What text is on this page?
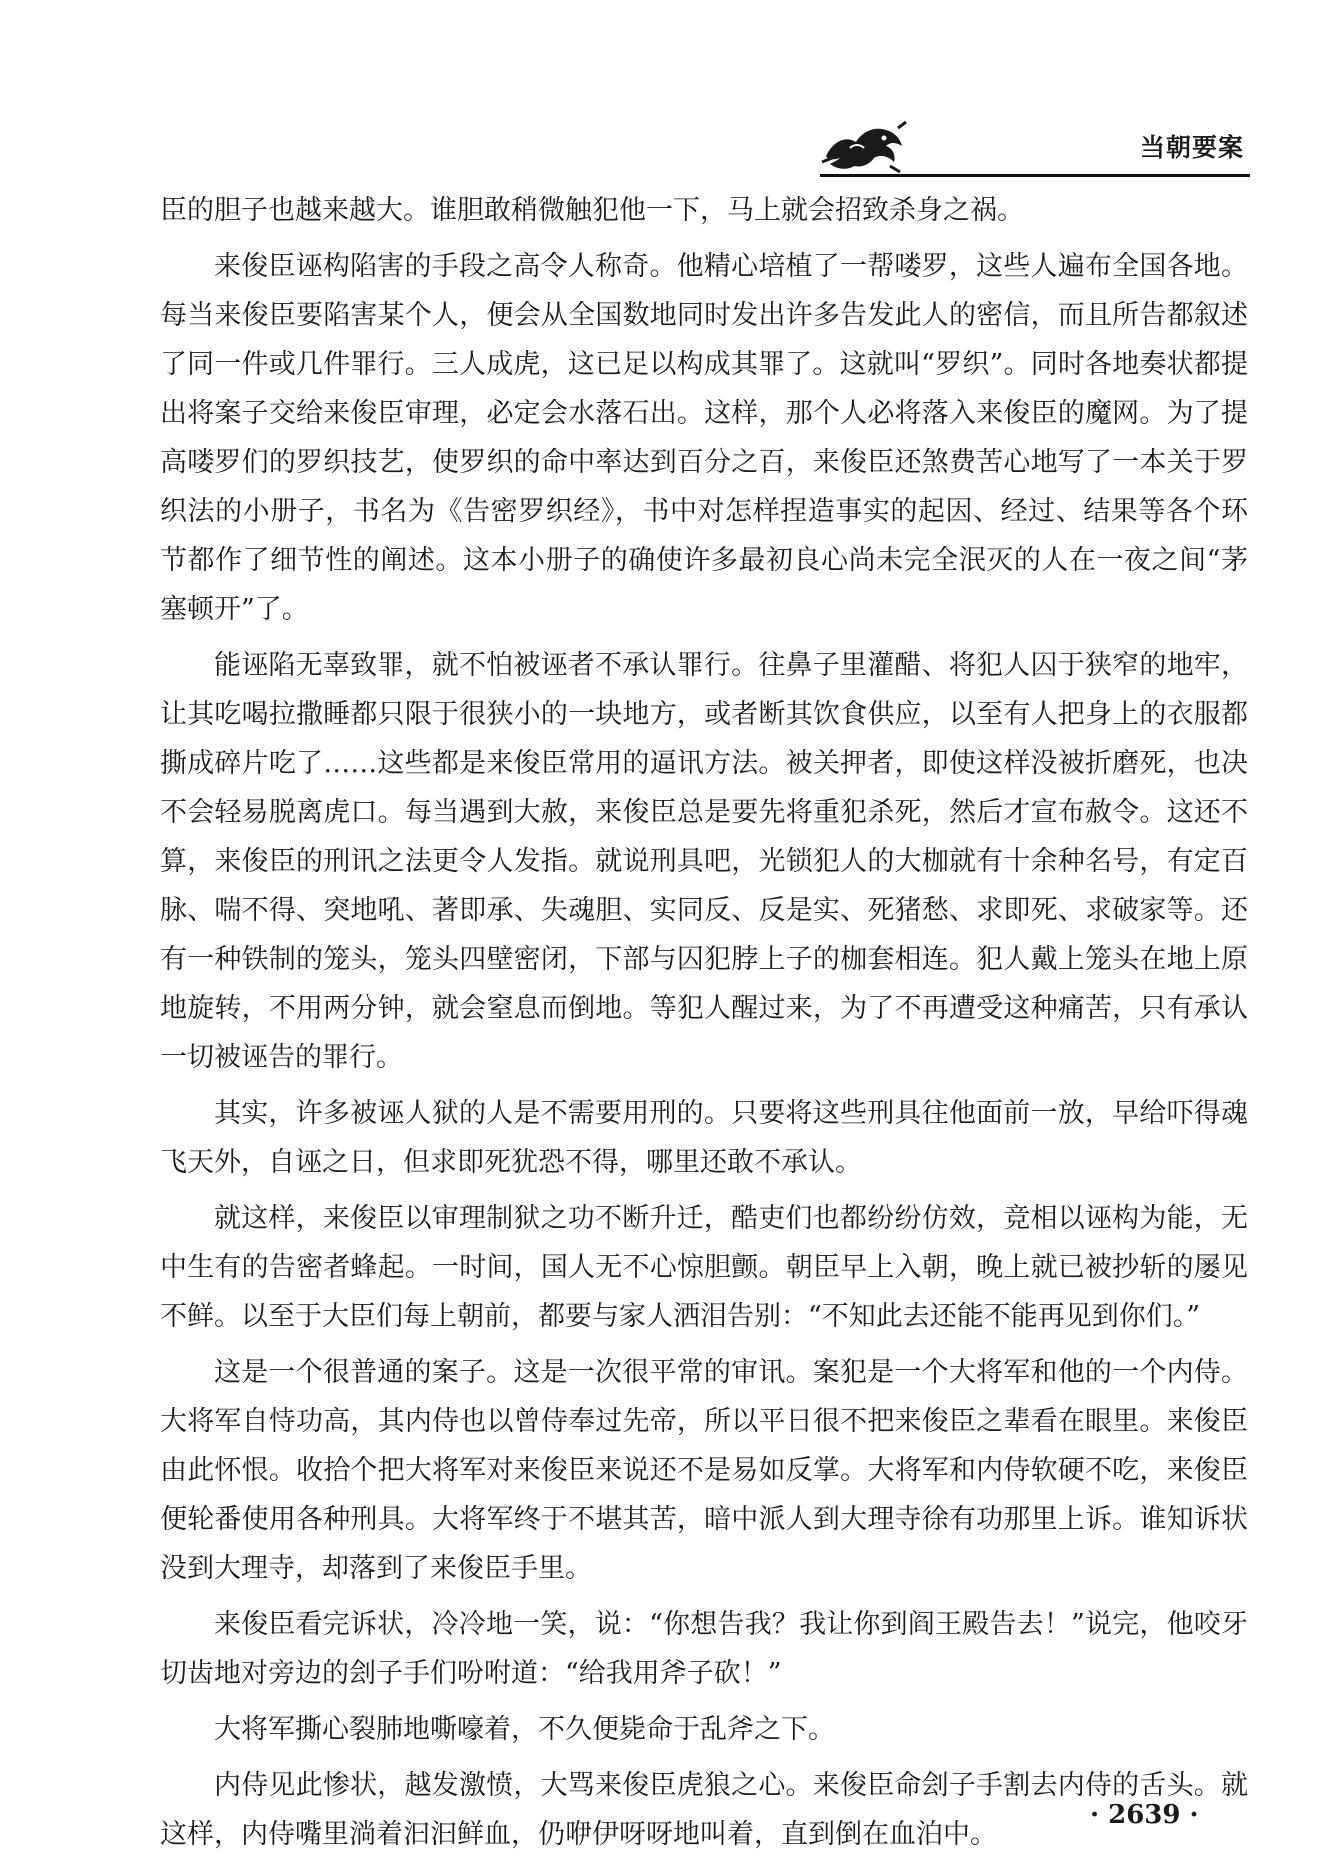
当朝要案

臣的胆子也越来越大。谁胆敢稍微触犯他一下，马上就会招致杀身之祸。

来俊臣诬构陷害的手段之高令人称奇。他精心培植了一帮喽罗，这些人遍布全国各地。每当来俊臣要陷害某个人，便会从全国数地同时发出许多告发此人的密信，而且所告都叙述了同一件或几件罪行。三人成虎，这已足以构成其罪了。这就叫“罗织”。同时各地奏状都提出将案子交给来俊臣审理，必定会水落石出。这样，那个人必将落入来俊臣的魔网。为了提高喽罗们的罗织技艺，使罗织的命中率达到百分之百，来俊臣还煞费苦心地写了一本关于罗织法的小册子，书名为《告密罗织经》，书中对怎样捏造事实的起因、经过、结果等各个环节都作了细节性的阐述。这本小册子的确使许多最初良心尚未完全泯灭的人在一夜之间“茅塞顿开”了。

能诬陷无辜致罪，就不怕被诬者不承认罪行。往鼻子里灌醋、将犯人囚于狭窄的地牢，让其吃喝拉撒睡都只限于很狭小的一块地方，或者断其饮食供应，以至有人把身上的衣服都撕成碎片吃了……这些都是来俊臣常用的逼讯方法。被关押者，即使这样没被折磨死，也决不会轻易脱离虎口。每当遇到大赦，来俊臣总是要先将重犯杀死，然后才宣布赦令。这还不算，来俊臣的刑讯之法更令人发指。就说刑具吧，光锁犯人的大枷就有十余种名号，有定百脉、喘不得、突地吼、著即承、失魂胆、实同反、反是实、死猪愁、求即死、求破家等。还有一种铁制的笼头，笼头四壁密闭，下部与囚犯脖上子的枷套相连。犯人戴上笼头在地上原地旋转，不用两分钟，就会窒息而倒地。等犯人醒过来，为了不再遭受这种痛苦，只有承认一切被诬告的罪行。

其实，许多被诬人狱的人是不需要用刑的。只要将这些刑具往他面前一放，早给吓得魂飞天外，自诬之日，但求即死犹恐不得，哪里还敢不承认。

就这样，来俊臣以审理制狱之功不断升迁，酷吏们也都纷纷仿效，竞相以诬构为能，无中生有的告密者蜂起。一时间，国人无不心惊胆颤。朝臣早上入朝，晚上就已被抄斩的屡见不鲜。以至于大臣们每上朝前，都要与家人洒泪告别：“不知此去还能不能再见到你们。”

这是一个很普通的案子。这是一次很平常的审讯。案犯是一个大将军和他的一个内侍。大将军自恃功高，其内侍也以曾侍奉过先帝，所以平日很不把来俊臣之辈看在眼里。来俊臣由此怀恨。收拾个把大将军对来俊臣来说还不是易如反掌。大将军和内侍软硬不吃，来俊臣便轮番使用各种刑具。大将军终于不堪其苦，暗中派人到大理寺徐有功那里上诉。谁知诉状没到大理寺，却落到了来俊臣手里。

来俊臣看完诉状，冷冷地一笑，说：“你想告我？我让你到阎王殿告去！”说完，他咬牙切齿地对旁边的刽子手们吩咐道：“给我用斧子砍！”

大将军撕心裂肺地嘶嚎着，不久便毙命于乱斧之下。

内侍见此惨状，越发激愤，大骂来俊臣虎狼之心。来俊臣命刽子手割去内侍的舌头。就这样，内侍嘴里淌着汩汩鲜血，仍咿伊呀呀地叫着，直到倒在血泊中。

· 2639 ·
